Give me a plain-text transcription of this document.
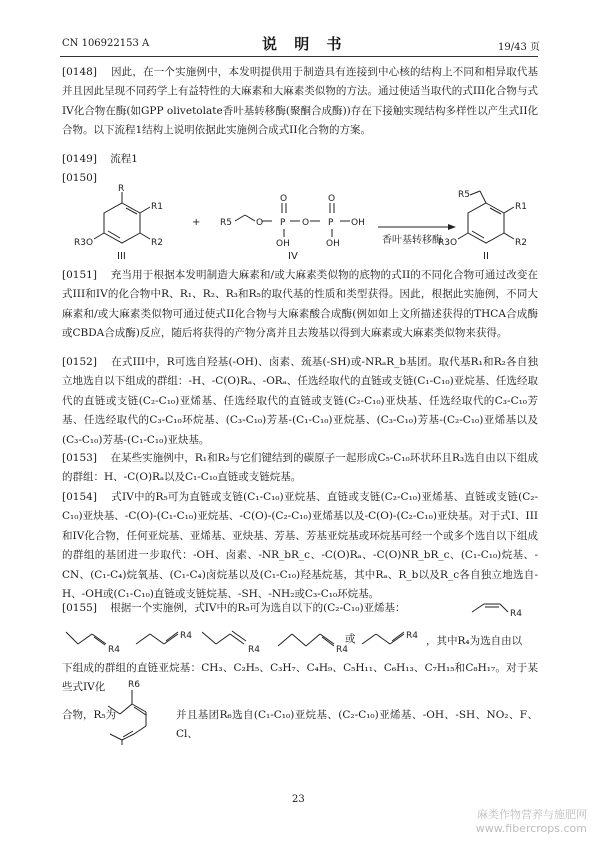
CN 106922153 A	说 明 书	19/43 页
[0148] 因此，在一个实施例中，本发明提供用于制造具有连接到中心核的结构上不同和相异取代基并且因此呈现不同药学上有益特性的大麻素和大麻素类似物的方法。通过使适当取代的式III化合物与式IV化合物在酶(如GPP olivetolate香叶基转移酶(聚酮合成酶))存在下接触实现结构多样性以产生式II化合物。以下流程1结构上说明依据此实施例合成式II化合物的方案。
[0149] 流程1
[0150]
R
R1
R2
R3O
R5	O P
O
O P
O
OH
OH
OH
R5
R1
R2
R3O
III
+
IV	II
香叶基转移酶
[0151] 充当用于根据本发明制造大麻素和/或大麻素类似物的底物的式II的不同化合物可通过改变在式III和IV的化合物中R、R₁、R₂、R₃和R₅的取代基的性质和类型获得。因此，根据此实施例，不同大麻素和/或大麻素类似物可通过使式II化合物与大麻素酸合成酶(例如如上文所描述获得的THCA合成酶或CBDA合成酶)反应，随后将获得的产物分离并且去羧基以得到大麻素或大麻素类似物来获得。
[0152] 在式III中，R可选自羟基(-OH)、卤素、巯基(-SH)或-NRₐR_b基团。取代基R₁和R₂各自独立地选自以下组成的群组：-H、-C(O)Rₐ、-ORₐ、任选经取代的直链或支链(C₁-C₁₀)亚烷基、任选经取代的直链或支链(C₂-C₁₀)亚烯基、任选经取代的直链或支链(C₂-C₁₀)亚炔基、任选经取代的C₃-C₁₀芳基、任选经取代的C₃-C₁₀环烷基、(C₃-C₁₀)芳基-(C₁-C₁₀)亚烷基、(C₃-C₁₀)芳基-(C₂-C₁₀)亚烯基以及(C₃-C₁₀)芳基-(C₁-C₁₀)亚炔基。
[0153] 在某些实施例中，R₁和R₂与它们键结到的碳原子一起形成C₅-C₁₀环状环且R₃选自由以下组成的群组：H、-C(O)Rₐ以及C₁-C₁₀直链或支链烷基。
[0154] 式IV中的R₅可为直链或支链(C₁-C₁₀)亚烷基、直链或支链(C₂-C₁₀)亚烯基、直链或支链(C₂-C₁₀)亚炔基、-C(O)-(C₁-C₁₀)亚烷基、-C(O)-(C₂-C₁₀)亚烯基以及-C(O)-(C₂-C₁₀)亚炔基。对于式I、III和IV化合物，任何亚烷基、亚烯基、亚炔基、芳基、芳基亚烷基或环烷基可经一个或多个选自以下组成的群组的基团进一步取代：-OH、卤素、-NR_bR_c、-C(O)Rₐ、-C(O)NR_bR_c、(C₁-C₁₀)烷基、-CN、(C₁-C₄)烷氧基、(C₁-C₄)卤烷基以及(C₁-C₁₀)羟基烷基，其中Rₐ、R_b以及R_c各自独立地选自-H、-OH或(C₁-C₁₀)直链或支链烷基、-SH、-NH₂或C₃-C₁₀环烷基。
[0155] 根据一个实施例，式IV中的R₅可为选自以下的(C₂-C₁₀)亚烯基：	R4
R4
R4
R4	R4
R4
或	，其中R₄为选自由以
下组成的群组的直链亚烷基：CH₃、C₂H₅、C₃H₇、C₄H₉、C₅H₁₁、C₆H₁₃、C₇H₁₅和C₈H₁₇。对于某些式IV化
合物，R₅为
R6
并且基团R₆选自(C₁-C₁₀)亚烷基、(C₂-C₁₀)亚烯基、-OH、-SH、NO₂、F、Cl、
23
麻类作物营养与施肥网
www.fibercrops.com
